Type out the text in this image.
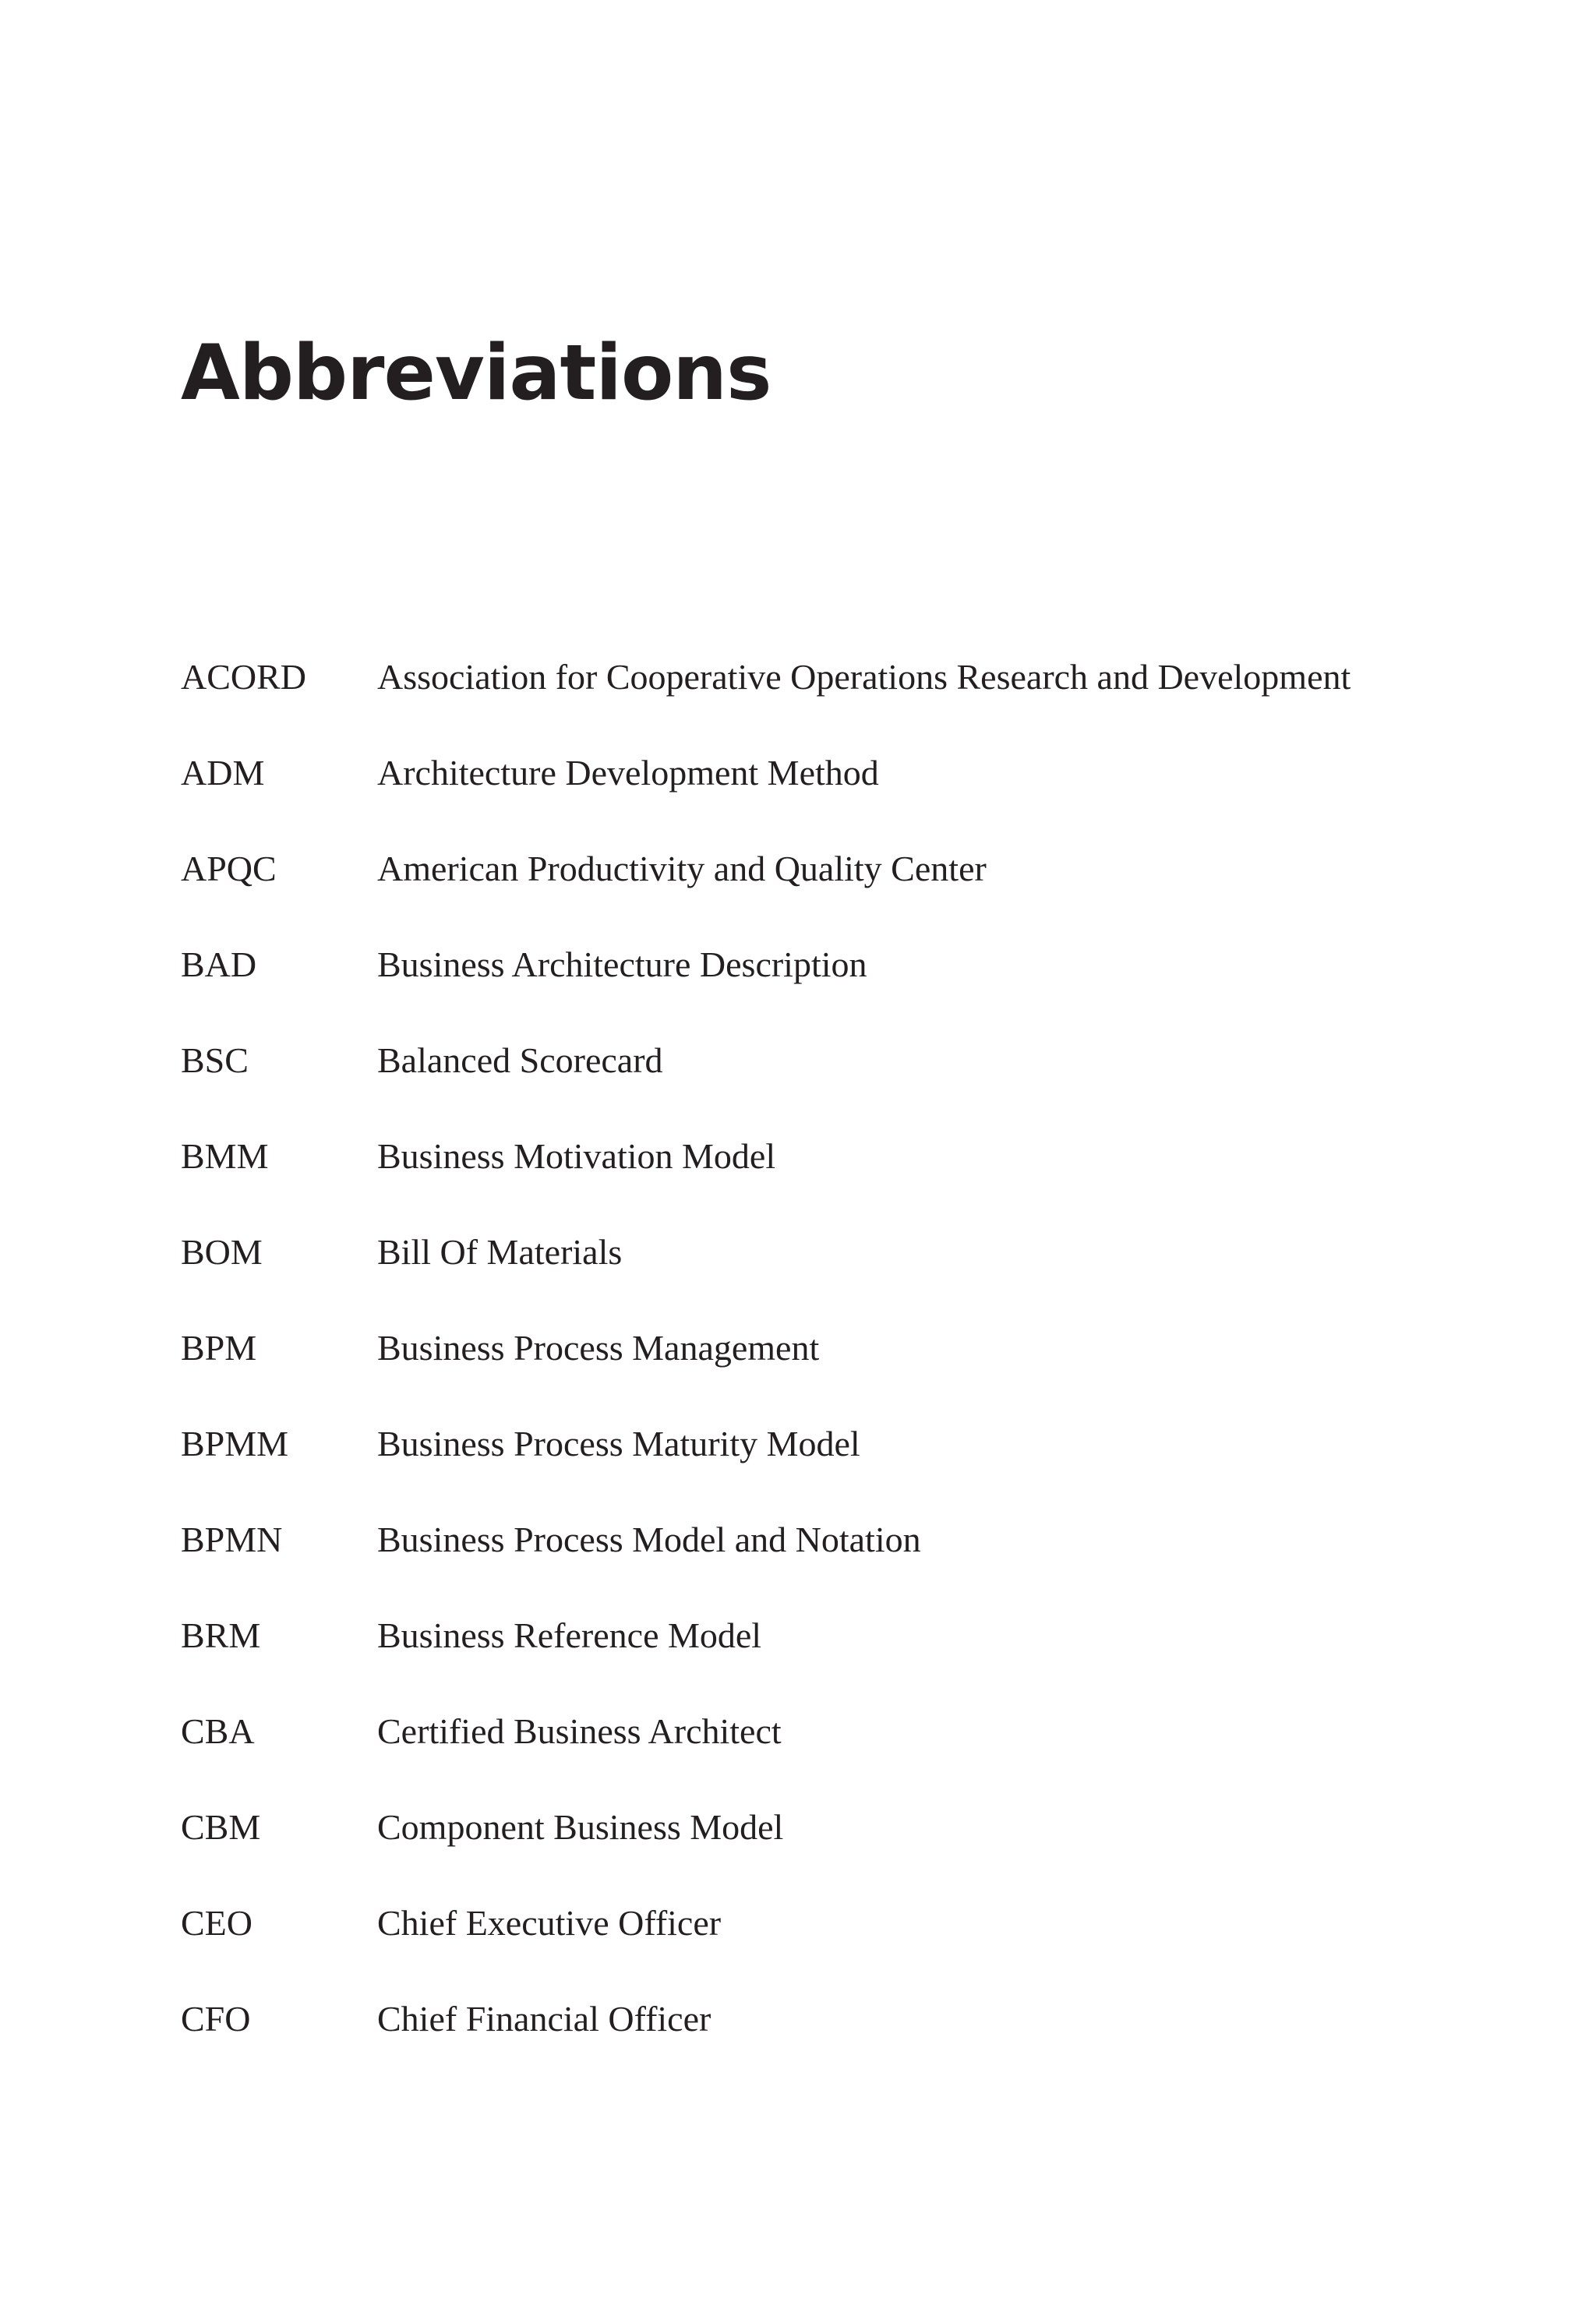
Abbreviations
ACORD Association for Cooperative Operations Research and Development
ADM	Architecture Development Method
APQC	American Productivity and Quality Center
BAD	Business Architecture Description
BSC	Balanced Scorecard
BMM	Business Motivation Model
BOM	Bill Of Materials
BPM	Business Process Management
BPMM Business Process Maturity Model
BPMN	Business Process Model and Notation
BRM	Business Reference Model
CBA	Certified Business Architect
CBM	Component Business Model
CEO	Chief Executive Officer
CFO	Chief Financial Officer
